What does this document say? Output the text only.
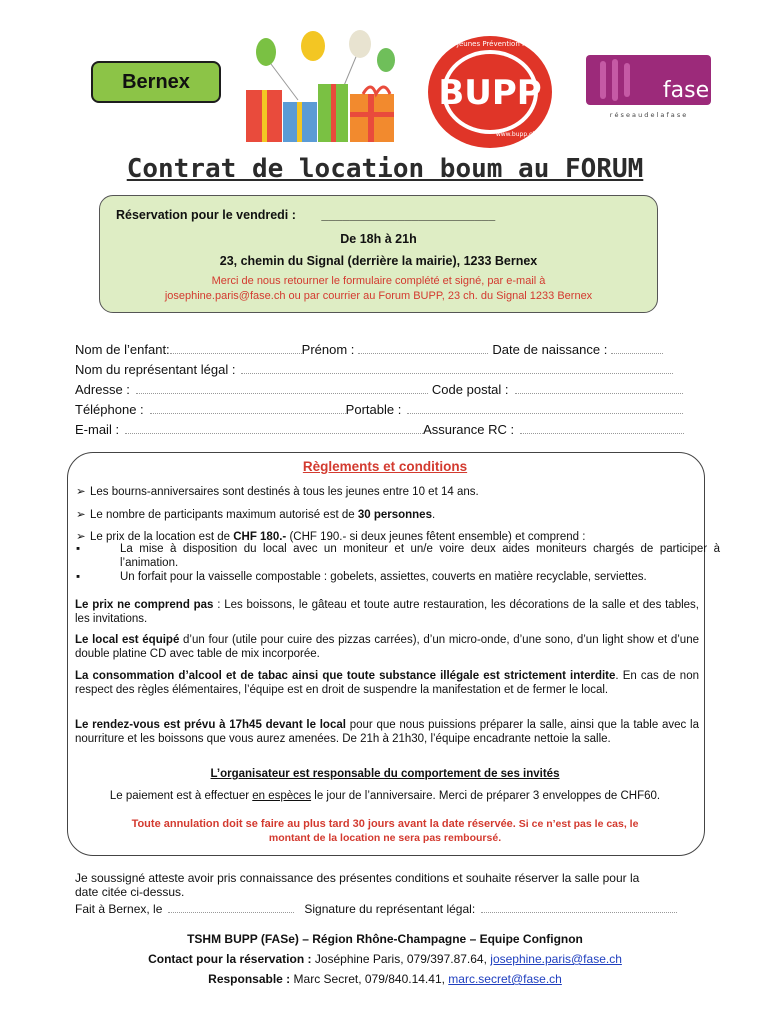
Bernex	BUPP
Des Jeunes Prévention Paris
www.bupp.ch
fase
r é s e a u d e l a f a s e
Contrat de location boum au FORUM
Réservation pour le vendredi : _________________________
De 18h à 21h
23, chemin du Signal (derrière la mairie), 1233 Bernex
Merci de nous retourner le formulaire complété et signé, par e-mail à
josephine.paris@fase.ch ou par courrier au Forum BUPP, 23 ch. du Signal 1233 Bernex
Nom de l’enfant:	Prénom :	Date de naissance :
Nom du représentant légal :
Adresse :	Code postal :
Téléphone :	Portable :
E-mail :	Assurance RC :
Règlements et conditions
➢ Les bourns-anniversaires sont destinés à tous les jeunes entre 10 et 14 ans.
➢ Le nombre de participants maximum autorisé est de 30 personnes.
➢ Le prix de la location est de CHF 180.- (CHF 190.- si deux jeunes fêtent ensemble) et comprend :
▪	La mise à disposition du local avec un moniteur et un/e voire deux aides moniteurs chargés de participer à l’animation.
▪	Un forfait pour la vaisselle compostable : gobelets, assiettes, couverts en matière recyclable, serviettes.
Le prix ne comprend pas : Les boissons, le gâteau et toute autre restauration, les décorations de la salle et des tables, les invitations.
Le local est équipé d’un four (utile pour cuire des pizzas carrées), d’un micro-onde, d’une sono, d’un light show et d’une double platine CD avec table de mix incorporée.
La consommation d’alcool et de tabac ainsi que toute substance illégale est strictement interdite. En cas de non respect des règles élémentaires, l’équipe est en droit de suspendre la manifestation et de fermer le local.
Le rendez-vous est prévu à 17h45 devant le local pour que nous puissions préparer la salle, ainsi que la table avec la nourriture et les boissons que vous aurez amenées. De 21h à 21h30, l’équipe encadrante nettoie la salle.
L’organisateur est responsable du comportement de ses invités
Le paiement est à effectuer en espèces le jour de l’anniversaire. Merci de préparer 3 enveloppes de CHF60.
Toute annulation doit se faire au plus tard 30 jours avant la date réservée. Si ce n’est pas le cas, le
montant de la location ne sera pas remboursé.
Je soussigné atteste avoir pris connaissance des présentes conditions et souhaite réserver la salle pour la
date citée ci-dessus.
Fait à Bernex, le	Signature du représentant légal:
TSHM BUPP (FASe) – Région Rhône-Champagne – Equipe Confignon
Contact pour la réservation : Joséphine Paris, 079/397.87.64, josephine.paris@fase.ch
Responsable : Marc Secret, 079/840.14.41, marc.secret@fase.ch
